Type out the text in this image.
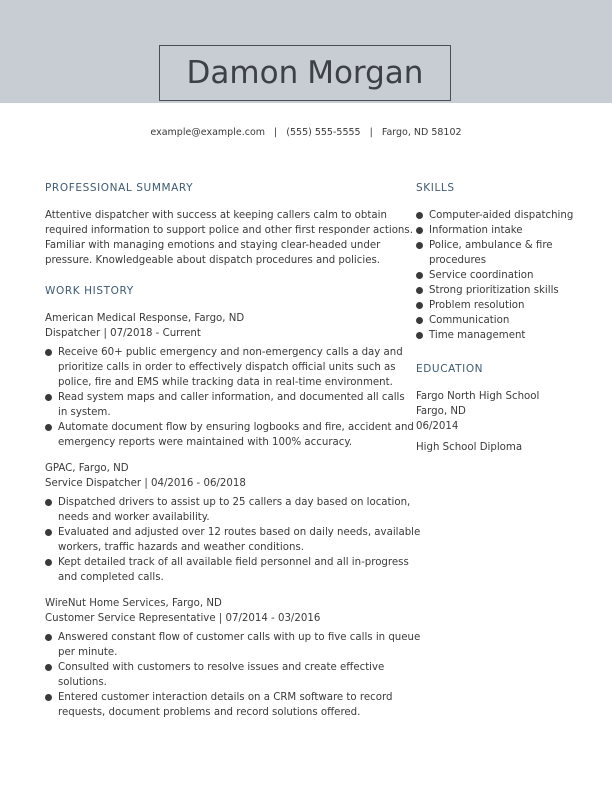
Damon Morgan
example@example.com | (555) 555-5555 | Fargo, ND 58102
PROFESSIONAL SUMMARY
Attentive dispatcher with success at keeping callers calm to obtain
required information to support police and other first responder actions.
Familiar with managing emotions and staying clear-headed under
pressure. Knowledgeable about dispatch procedures and policies.
WORK HISTORY
American Medical Response, Fargo, ND
Dispatcher | 07/2018 - Current
Receive 60+ public emergency and non-emergency calls a day and
prioritize calls in order to effectively dispatch official units such as
police, fire and EMS while tracking data in real-time environment.
Read system maps and caller information, and documented all calls
in system.
Automate document flow by ensuring logbooks and fire, accident and
emergency reports were maintained with 100% accuracy.
GPAC, Fargo, ND
Service Dispatcher | 04/2016 - 06/2018
Dispatched drivers to assist up to 25 callers a day based on location,
needs and worker availability.
Evaluated and adjusted over 12 routes based on daily needs, available
workers, traffic hazards and weather conditions.
Kept detailed track of all available field personnel and all in-progress
and completed calls.
WireNut Home Services, Fargo, ND
Customer Service Representative | 07/2014 - 03/2016
Answered constant flow of customer calls with up to five calls in queue
per minute.
Consulted with customers to resolve issues and create effective
solutions.
Entered customer interaction details on a CRM software to record
requests, document problems and record solutions offered.
SKILLS
Computer-aided dispatching
Information intake
Police, ambulance & fire
procedures
Service coordination
Strong prioritization skills
Problem resolution
Communication
Time management
EDUCATION
Fargo North High School
Fargo, ND
06/2014
High School Diploma
